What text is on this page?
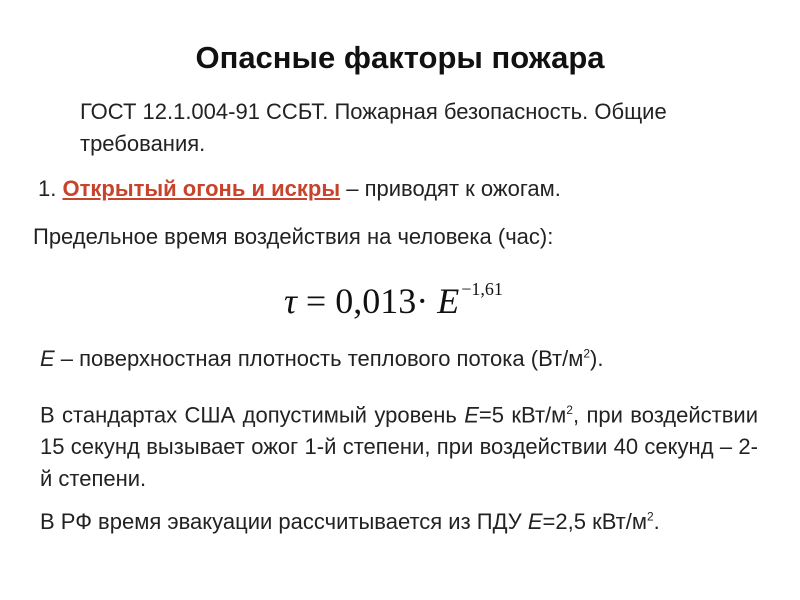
Опасные факторы пожара
ГОСТ 12.1.004-91 ССБТ. Пожарная безопасность. Общие требования.
1. Открытый огонь и искры – приводят к ожогам.
Предельное время воздействия на человека (час):
τ = 0,013· E $^{-1,61}$
E – поверхностная плотность теплового потока $(Вт/м^2)$.
В стандартах США допустимый уровень E=5 кВт/$м^2$, при воздействии 15 секунд вызывает ожог 1-й степени, при воздействии 40 секунд – 2-й степени.
В РФ время эвакуации рассчитывается из ПДУ E=2,5 кВт/$м^2$.
